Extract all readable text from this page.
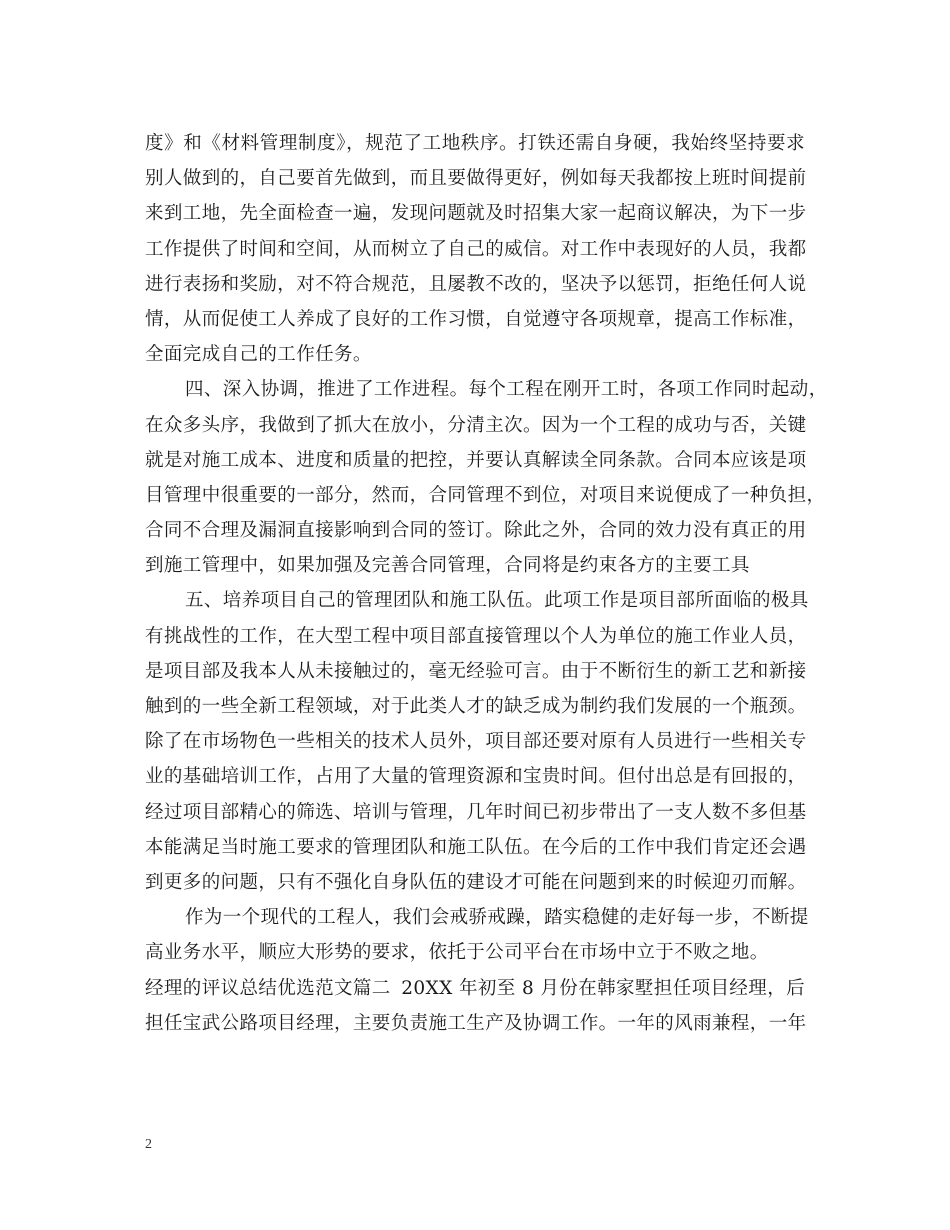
度》和《材料管理制度》，规范了工地秩序。打铁还需自身硬，我始终坚持要求
别人做到的，自己要首先做到，而且要做得更好，例如每天我都按上班时间提前
来到工地，先全面检查一遍，发现问题就及时招集大家一起商议解决，为下一步
工作提供了时间和空间，从而树立了自己的威信。对工作中表现好的人员，我都
进行表扬和奖励，对不符合规范，且屡教不改的，坚决予以惩罚，拒绝任何人说
情，从而促使工人养成了良好的工作习惯，自觉遵守各项规章，提高工作标准，
全面完成自己的工作任务。
四、深入协调，推进了工作进程。每个工程在刚开工时，各项工作同时起动，
在众多头序，我做到了抓大在放小，分清主次。因为一个工程的成功与否，关键
就是对施工成本、进度和质量的把控，并要认真解读全同条款。合同本应该是项
目管理中很重要的一部分，然而，合同管理不到位，对项目来说便成了一种负担，
合同不合理及漏洞直接影响到合同的签订。除此之外，合同的效力没有真正的用
到施工管理中，如果加强及完善合同管理，合同将是约束各方的主要工具
五、培养项目自己的管理团队和施工队伍。此项工作是项目部所面临的极具
有挑战性的工作，在大型工程中项目部直接管理以个人为单位的施工作业人员，
是项目部及我本人从未接触过的，毫无经验可言。由于不断衍生的新工艺和新接
触到的一些全新工程领域，对于此类人才的缺乏成为制约我们发展的一个瓶颈。
除了在市场物色一些相关的技术人员外，项目部还要对原有人员进行一些相关专
业的基础培训工作，占用了大量的管理资源和宝贵时间。但付出总是有回报的，
经过项目部精心的筛选、培训与管理，几年时间已初步带出了一支人数不多但基
本能满足当时施工要求的管理团队和施工队伍。在今后的工作中我们肯定还会遇
到更多的问题，只有不强化自身队伍的建设才可能在问题到来的时候迎刃而解。
作为一个现代的工程人，我们会戒骄戒躁，踏实稳健的走好每一步，不断提
高业务水平，顺应大形势的要求，依托于公司平台在市场中立于不败之地。
经理的评议总结优选范文篇二 20XX 年初至 8 月份在韩家墅担任项目经理，后
担任宝武公路项目经理，主要负责施工生产及协调工作。一年的风雨兼程，一年
2
